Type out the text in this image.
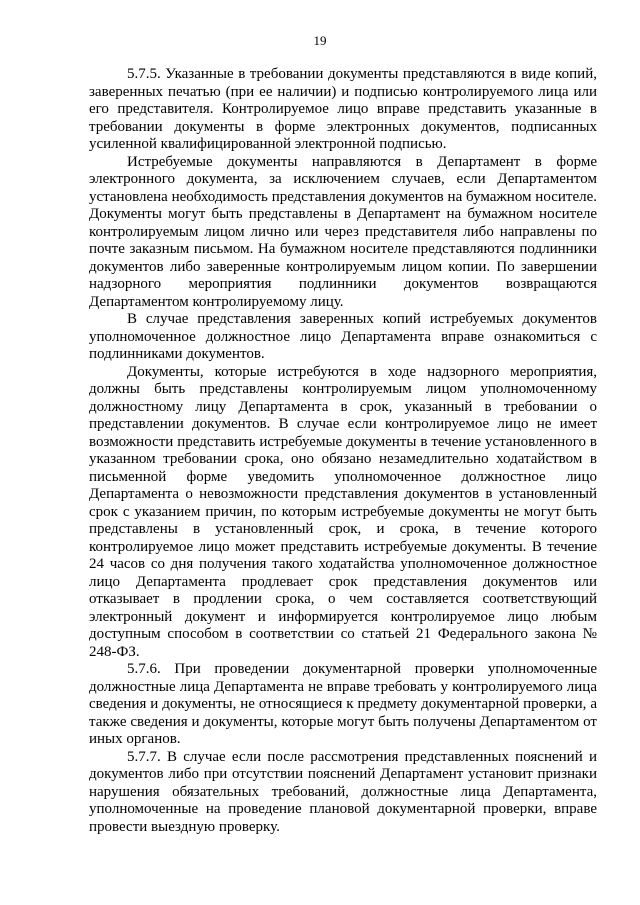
19

5.7.5. Указанные в требовании документы представляются в виде копий, заверенных печатью (при ее наличии) и подписью контролируемого лица или его представителя. Контролируемое лицо вправе представить указанные в требовании документы в форме электронных документов, подписанных усиленной квалифицированной электронной подписью.

Истребуемые документы направляются в Департамент в форме электронного документа, за исключением случаев, если Департаментом установлена необходимость представления документов на бумажном носителе. Документы могут быть представлены в Департамент на бумажном носителе контролируемым лицом лично или через представителя либо направлены по почте заказным письмом. На бумажном носителе представляются подлинники документов либо заверенные контролируемым лицом копии. По завершении надзорного мероприятия подлинники документов возвращаются Департаментом контролируемому лицу.

В случае представления заверенных копий истребуемых документов уполномоченное должностное лицо Департамента вправе ознакомиться с подлинниками документов.

Документы, которые истребуются в ходе надзорного мероприятия, должны быть представлены контролируемым лицом уполномоченному должностному лицу Департамента в срок, указанный в требовании о представлении документов. В случае если контролируемое лицо не имеет возможности представить истребуемые документы в течение установленного в указанном требовании срока, оно обязано незамедлительно ходатайством в письменной форме уведомить уполномоченное должностное лицо Департамента о невозможности представления документов в установленный срок с указанием причин, по которым истребуемые документы не могут быть представлены в установленный срок, и срока, в течение которого контролируемое лицо может представить истребуемые документы. В течение 24 часов со дня получения такого ходатайства уполномоченное должностное лицо Департамента продлевает срок представления документов или отказывает в продлении срока, о чем составляется соответствующий электронный документ и информируется контролируемое лицо любым доступным способом в соответствии со статьей 21 Федерального закона № 248-ФЗ.

5.7.6. При проведении документарной проверки уполномоченные должностные лица Департамента не вправе требовать у контролируемого лица сведения и документы, не относящиеся к предмету документарной проверки, а также сведения и документы, которые могут быть получены Департаментом от иных органов.

5.7.7. В случае если после рассмотрения представленных пояснений и документов либо при отсутствии пояснений Департамент установит признаки нарушения обязательных требований, должностные лица Департамента, уполномоченные на проведение плановой документарной проверки, вправе провести выездную проверку.
